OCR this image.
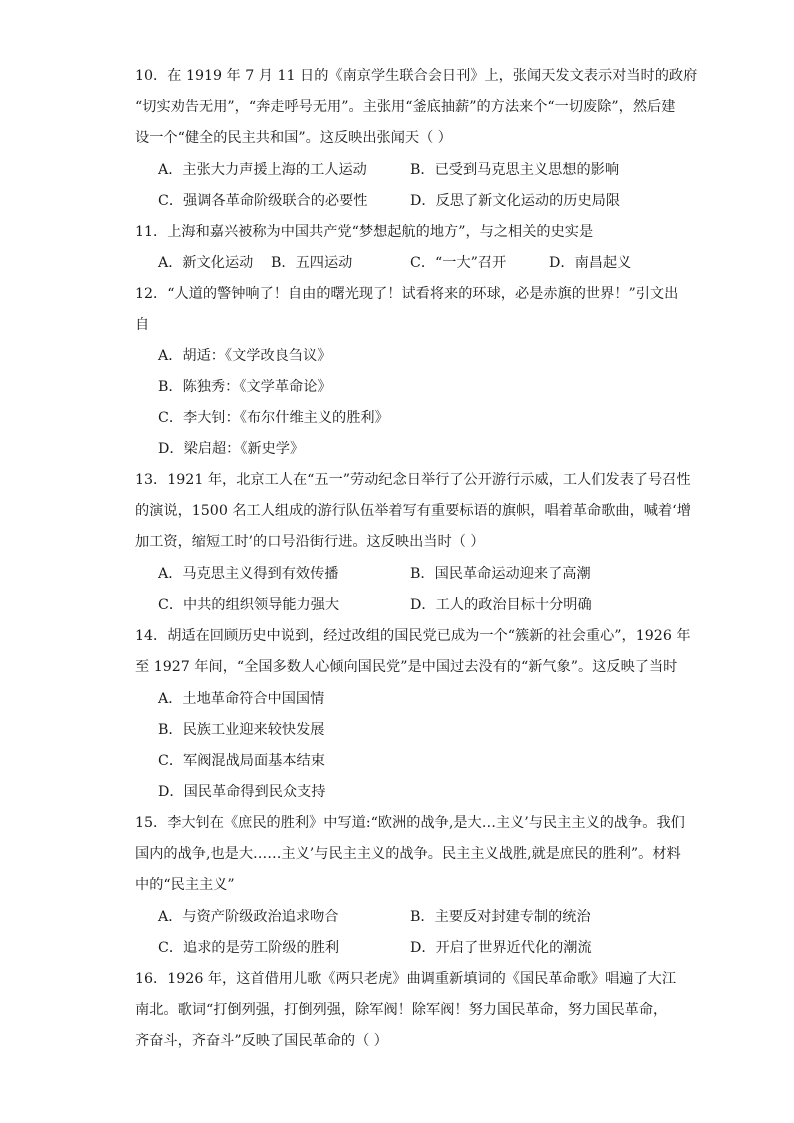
10．在 1919 年 7 月 11 日的《南京学生联合会日刊》上，张闻天发文表示对当时的政府
“切实劝告无用”，“奔走呼号无用”。主张用“釜底抽薪”的方法来个“一切废除”，然后建
设一个“健全的民主共和国”。这反映出张闻天（ ）
A．主张大力声援上海的工人运动	B．已受到马克思主义思想的影响
C．强调各革命阶级联合的必要性	D．反思了新文化运动的历史局限
11．上海和嘉兴被称为中国共产党“梦想起航的地方”，与之相关的史实是
A．新文化运动 B．五四运动	C．“一大”召开	D．南昌起义
12．“人道的警钟响了！自由的曙光现了！试看将来的环球，必是赤旗的世界！”引文出
自
A．胡适：《文学改良刍议》
B．陈独秀：《文学革命论》
C．李大钊：《布尔什维主义的胜利》
D．梁启超：《新史学》
13．1921 年，北京工人在“五一”劳动纪念日举行了公开游行示威，工人们发表了号召性
的演说，1500 名工人组成的游行队伍举着写有重要标语的旗帜，唱着革命歌曲，喊着‘增
加工资，缩短工时’的口号沿街行进。这反映出当时（ ）
A．马克思主义得到有效传播	B．国民革命运动迎来了高潮
C．中共的组织领导能力强大	D．工人的政治目标十分明确
14．胡适在回顾历史中说到，经过改组的国民党已成为一个“簇新的社会重心”，1926 年
至 1927 年间，“全国多数人心倾向国民党”是中国过去没有的“新气象”。这反映了当时
A．土地革命符合中国国情
B．民族工业迎来较快发展
C．军阀混战局面基本结束
D．国民革命得到民众支持
15．李大钊在《庶民的胜利》中写道:“欧洲的战争,是大…主义’与民主主义的战争。我们
国内的战争,也是大……主义’与民主主义的战争。民主主义战胜,就是庶民的胜利”。材料
中的“民主主义”
A．与资产阶级政治追求吻合	B．主要反对封建专制的统治
C．追求的是劳工阶级的胜利	D．开启了世界近代化的潮流
16．1926 年，这首借用儿歌《两只老虎》曲调重新填词的《国民革命歌》唱遍了大江
南北。歌词“打倒列强，打倒列强，除军阀！除军阀！努力国民革命，努力国民革命，
齐奋斗，齐奋斗”反映了国民革命的（ ）
